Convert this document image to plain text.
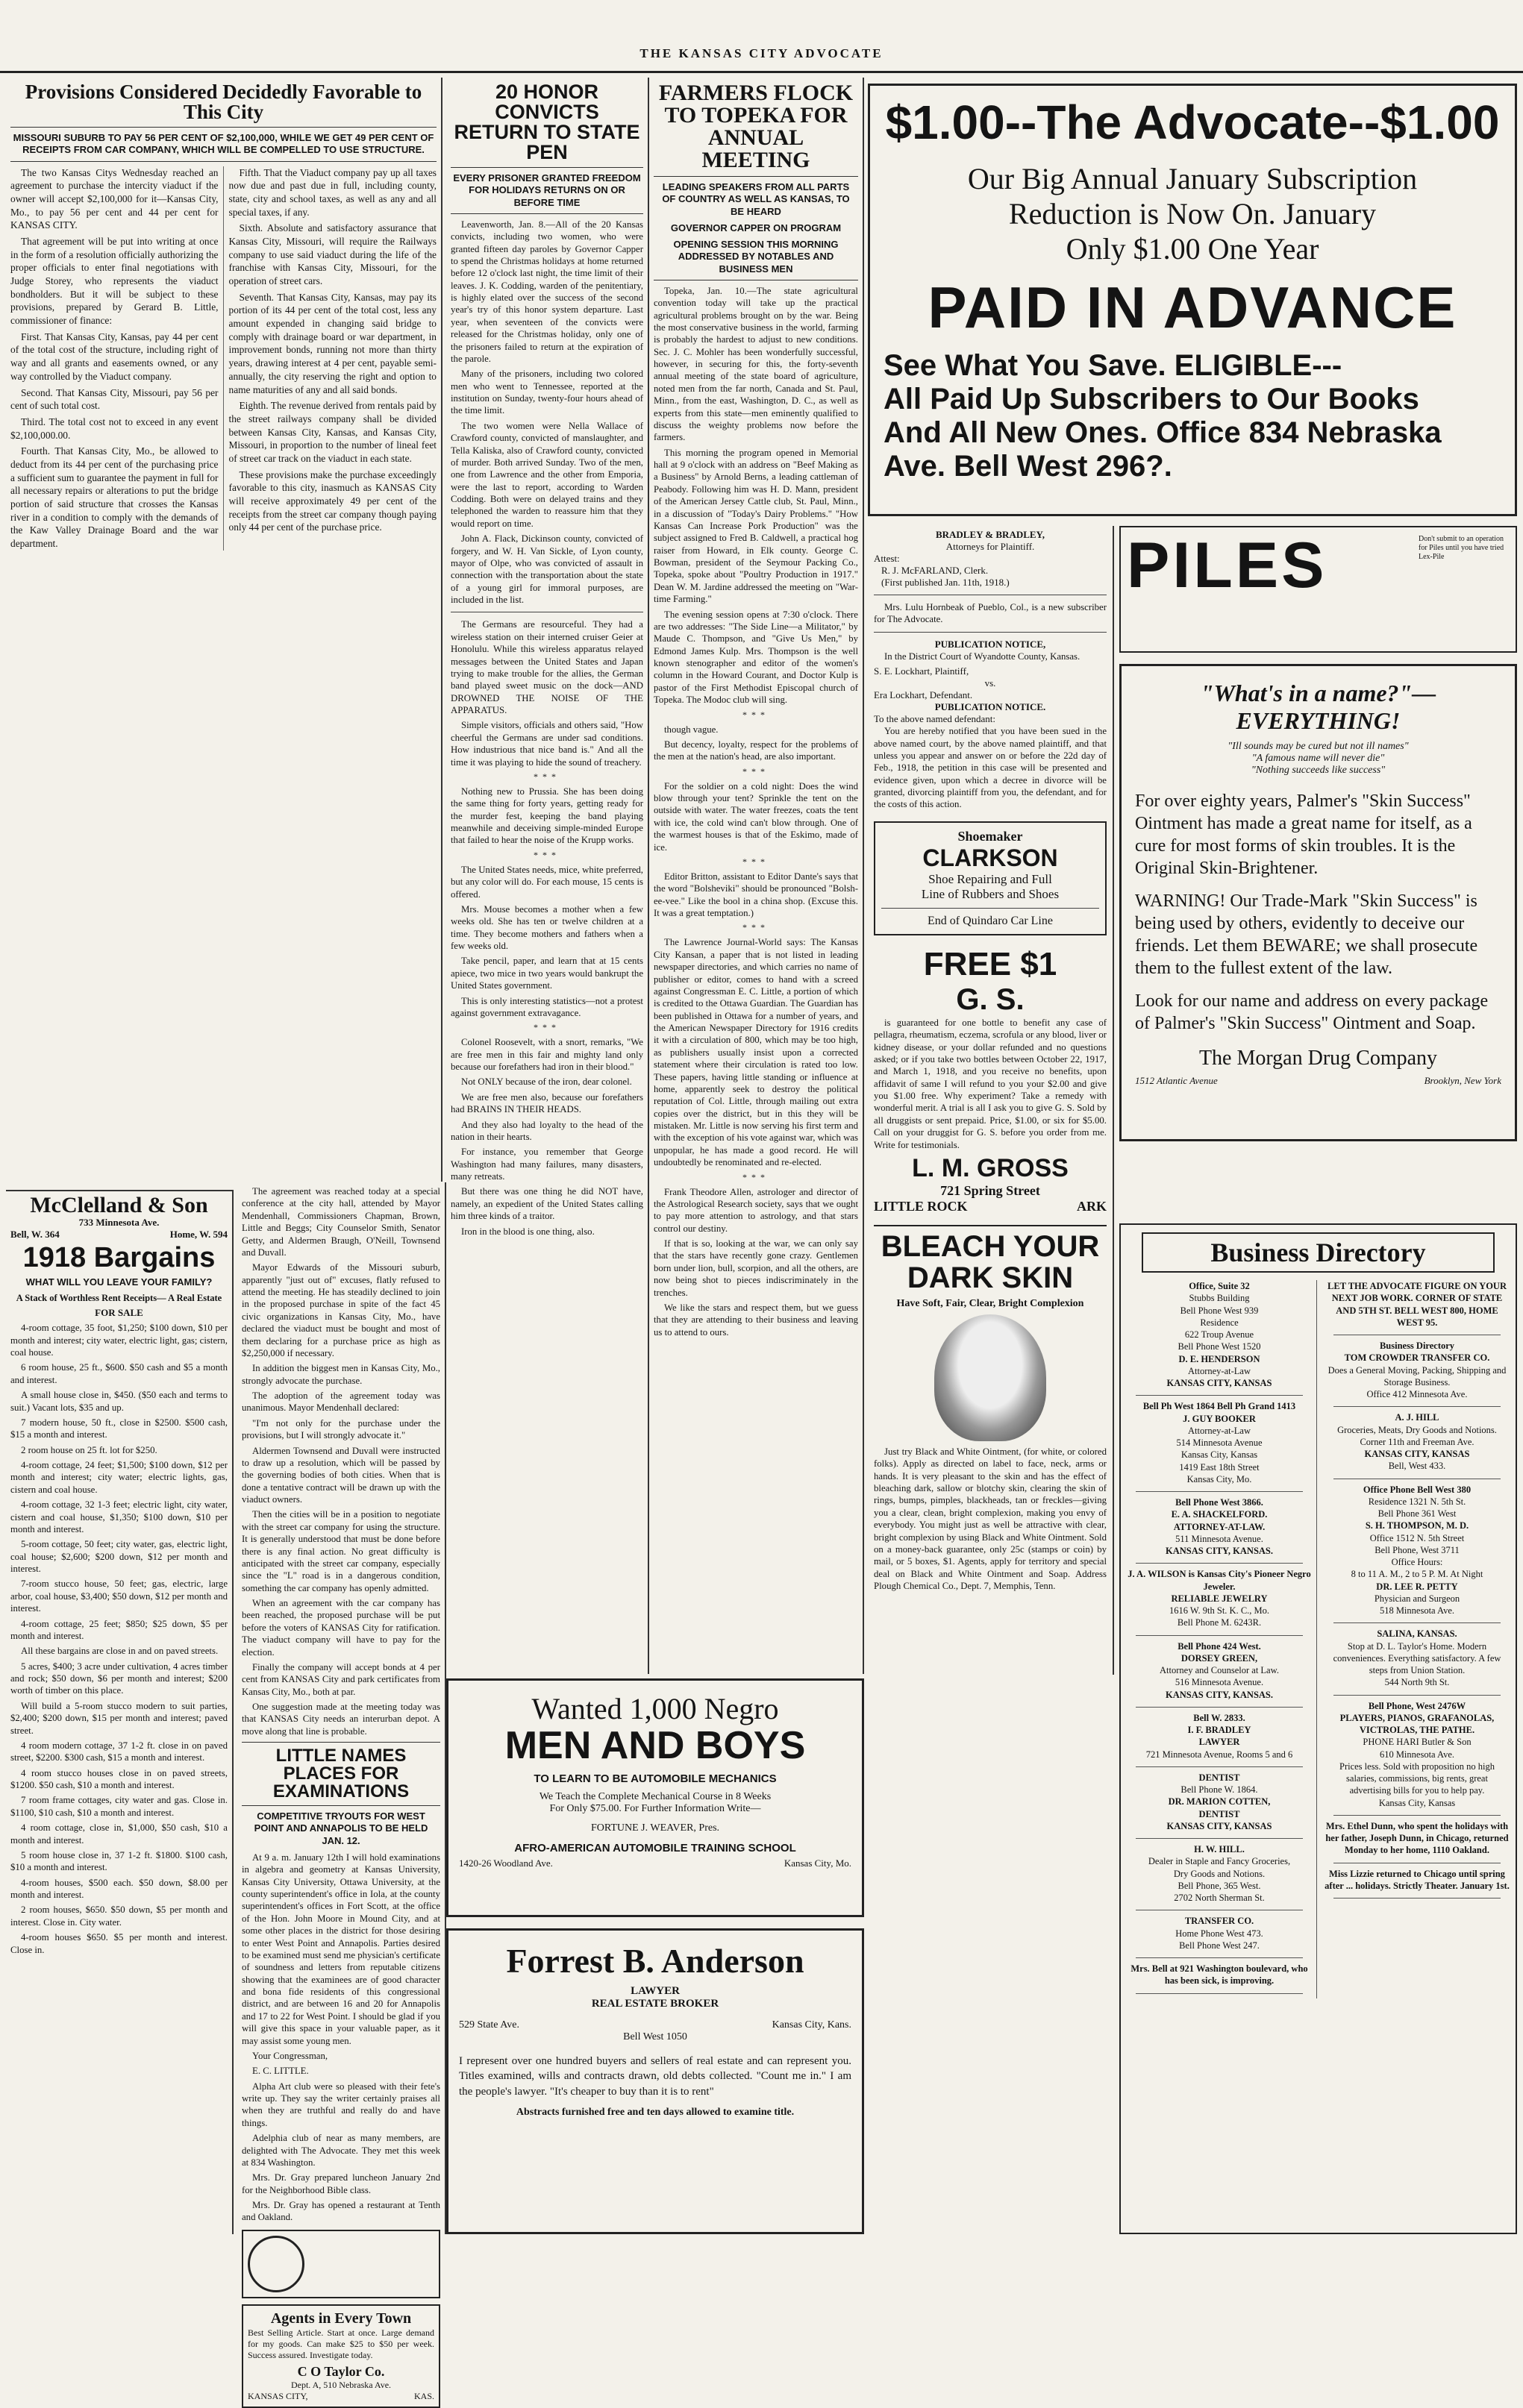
THE KANSAS CITY ADVOCATE
Provisions Considered Decidedly Favorable to This City
MISSOURI SUBURB TO PAY 56 PER CENT OF $2,100,000, WHILE WE GET 49 PER CENT OF RECEIPTS FROM CAR COMPANY, WHICH WILL BE COMPELLED TO USE STRUCTURE.

The two Kansas Citys Wednesday reached an agreement to purchase the intercity viaduct if the owner will accept $2,100,000 for it—Kansas City, Mo., to pay 56 per cent and 44 per cent for KANSAS CITY.

That agreement will be put into writing at once in the form of a resolution officially authorizing the proper officials to enter final negotiations with Judge Storey, who represents the viaduct bondholders. But it will be subject to these provisions, prepared by Gerard B. Little, commissioner of finance:

First. That Kansas City, Kansas, pay 44 per cent of the total cost of the structure, including right of way and all grants and easements owned, or any way controlled by the Viaduct company.

Second. That Kansas City, Missouri, pay 56 per cent of such total cost.

Third. The total cost not to exceed in any event $2,100,000.00.

Fourth. That Kansas City, Mo., be allowed to deduct from its 44 per cent of the purchasing price a sufficient sum to guarantee the payment in full for all necessary repairs or alterations to put the bridge portion of said structure that crosses the Kansas river in a condition to comply with the demands of the Kaw Valley Drainage Board and the war department.

Fifth. That the Viaduct company pay up all taxes now due and past due in full, including county, state, city and school taxes, as well as any and all special taxes, if any.

Sixth. Absolute and satisfactory assurance that Kansas City, Missouri, will require the Railways company to use said viaduct during the life of the franchise with Kansas City, Missouri, for the operation of street cars.

Seventh. That Kansas City, Kansas, may pay its portion of its 44 per cent of the total cost, less any amount expended in changing said bridge to comply with drainage board or war department, in improvement bonds, running not more than thirty years, drawing interest at 4 per cent, payable semi-annually, the city reserving the right and option to name maturities of any and all said bonds.

Eighth. The revenue derived from rentals paid by the street railways company shall be divided between Kansas City, Kansas, and Kansas City, Missouri, in proportion to the number of lineal feet of street car track on the viaduct in each state.

These provisions make the purchase exceedingly favorable to this city, inasmuch as KANSAS City will receive approximately 49 per cent of the receipts from the street car company though paying only 44 per cent of the purchase price.

McClelland & Son
733 Minnesota Ave.
Bell, W. 364	Home, W. 594
1918 Bargains
WHAT WILL YOU LEAVE YOUR FAMILY?
A Stack of Worthless Rent Receipts— A Real Estate
FOR SALE

4-room cottage, 35 foot, $1,250; $100 down, $10 per month and interest; city water, electric light, gas; cistern, coal house.

6 room house, 25 ft., $600. $50 cash and $5 a month and interest.

A small house close in, $450. ($50 each and terms to suit.) Vacant lots, $35 and up.

7 modern house, 50 ft., close in $2500. $500 cash, $15 a month and interest.

2 room house on 25 ft. lot for $250.

4-room cottage, 24 feet; $1,500; $100 down, $12 per month and interest; city water; electric lights, gas, cistern and coal house.

4-room cottage, 32 1-3 feet; electric light, city water, cistern and coal house, $1,350; $100 down, $10 per month and interest.

5-room cottage, 50 feet; city water, gas, electric light, coal house; $2,600; $200 down, $12 per month and interest.

7-room stucco house, 50 feet; gas, electric, large arbor, coal house, $3,400; $50 down, $12 per month and interest.

4-room cottage, 25 feet; $850; $25 down, $5 per month and interest.

All these bargains are close in and on paved streets.

5 acres, $400; 3 acre under cultivation, 4 acres timber and rock; $50 down, $6 per month and interest; $200 worth of timber on this place.

Will build a 5-room stucco modern to suit parties, $2,400; $200 down, $15 per month and interest; paved street.

4 room modern cottage, 37 1-2 ft. close in on paved street, $2200. $300 cash, $15 a month and interest.

4 room stucco houses close in on paved streets, $1200. $50 cash, $10 a month and interest.

7 room frame cottages, city water and gas. Close in. $1100, $10 cash, $10 a month and interest.

4 room cottage, close in, $1,000, $50 cash, $10 a month and interest.

5 room house close in, 37 1-2 ft. $1800. $100 cash, $10 a month and interest.

4-room houses, $500 each. $50 down, $8.00 per month and interest.

2 room houses, $650. $50 down, $5 per month and interest. Close in. City water.

4-room houses $650. $5 per month and interest. Close in.

The agreement was reached today at a special conference at the city hall, attended by Mayor Mendenhall, Commissioners Chapman, Brown, Little and Beggs; City Counselor Smith, Senator Getty, and Aldermen Braugh, O'Neill, Townsend and Duvall.

Mayor Edwards of the Missouri suburb, apparently "just out of" excuses, flatly refused to attend the meeting. He has steadily declined to join in the proposed purchase in spite of the fact 45 civic organizations in Kansas City, Mo., have declared the viaduct must be bought and most of them declaring for a purchase price as high as $2,250,000 if necessary.

In addition the biggest men in Kansas City, Mo., strongly advocate the purchase.

The adoption of the agreement today was unanimous. Mayor Mendenhall declared:

"I'm not only for the purchase under the provisions, but I will strongly advocate it."

Aldermen Townsend and Duvall were instructed to draw up a resolution, which will be passed by the governing bodies of both cities. When that is done a tentative contract will be drawn up with the viaduct owners.

Then the cities will be in a position to negotiate with the street car company for using the structure. It is generally understood that must be done before there is any final action. No great difficulty is anticipated with the street car company, especially since the "L" road is in a dangerous condition, something the car company has openly admitted.

When an agreement with the car company has been reached, the proposed purchase will be put before the voters of KANSAS City for ratification. The viaduct company will have to pay for the election.

Finally the company will accept bonds at 4 per cent from KANSAS City and park certificates from Kansas City, Mo., both at par.

One suggestion made at the meeting today was that KANSAS City needs an interurban depot. A move along that line is probable.

LITTLE NAMES PLACES FOR EXAMINATIONS
COMPETITIVE TRYOUTS FOR WEST POINT AND ANNAPOLIS TO BE HELD JAN. 12.

At 9 a. m. January 12th I will hold examinations in algebra and geometry at Kansas University, Kansas City University, Ottawa University, at the county superintendent's office in Iola, at the county superintendent's offices in Fort Scott, at the office of the Hon. John Moore in Mound City, and at some other places in the district for those desiring to enter West Point and Annapolis. Parties desired to be examined must send me physician's certificate of soundness and letters from reputable citizens showing that the examinees are of good character and bona fide residents of this congressional district, and are between 16 and 20 for Annapolis and 17 to 22 for West Point. I should be glad if you will give this space in your valuable paper, as it may assist some young men.

Your Congressman,

E. C. LITTLE.

Alpha Art club were so pleased with their fete's write up. They say the writer certainly praises all when they are truthful and really do and have things.

Adelphia club of near as many members, are delighted with The Advocate. They met this week at 834 Washington.

Mrs. Dr. Gray prepared luncheon January 2nd for the Neighborhood Bible class.

Mrs. Dr. Gray has opened a restaurant at Tenth and Oakland.

Agents in Every Town
Best Selling Article. Start at once. Large demand for my goods. Can make $25 to $50 per week. Success assured. Investigate today.
C O Taylor Co.
Dept. A, 510 Nebraska Ave.
KANSAS CITY,	KAS.
20 HONOR CONVICTS RETURN TO STATE PEN
EVERY PRISONER GRANTED FREEDOM FOR HOLIDAYS RETURNS ON OR BEFORE TIME

Leavenworth, Jan. 8.—All of the 20 Kansas convicts, including two women, who were granted fifteen day paroles by Governor Capper to spend the Christmas holidays at home returned before 12 o'clock last night, the time limit of their leaves. J. K. Codding, warden of the penitentiary, is highly elated over the success of the second year's try of this honor system departure. Last year, when seventeen of the convicts were released for the Christmas holiday, only one of the prisoners failed to return at the expiration of the parole.

Many of the prisoners, including two colored men who went to Tennessee, reported at the institution on Sunday, twenty-four hours ahead of the time limit.

The two women were Nella Wallace of Crawford county, convicted of manslaughter, and Tella Kaliska, also of Crawford county, convicted of murder. Both arrived Sunday. Two of the men, one from Lawrence and the other from Emporia, were the last to report, according to Warden Codding. Both were on delayed trains and they telephoned the warden to reassure him that they would report on time.

John A. Flack, Dickinson county, convicted of forgery, and W. H. Van Sickle, of Lyon county, mayor of Olpe, who was convicted of assault in connection with the transportation about the state of a young girl for immoral purposes, are included in the list.

The Germans are resourceful. They had a wireless station on their interned cruiser Geier at Honolulu. While this wireless apparatus relayed messages between the United States and Japan trying to make trouble for the allies, the German band played sweet music on the dock—AND DROWNED THE NOISE OF THE APPARATUS.

Simple visitors, officials and others said, "How cheerful the Germans are under sad conditions. How industrious that nice band is." And all the time it was playing to hide the sound of treachery.

***

Nothing new to Prussia. She has been doing the same thing for forty years, getting ready for the murder fest, keeping the band playing meanwhile and deceiving simple-minded Europe that failed to hear the noise of the Krupp works.

***

The United States needs, mice, white preferred, but any color will do. For each mouse, 15 cents is offered.

Mrs. Mouse becomes a mother when a few weeks old. She has ten or twelve children at a time. They become mothers and fathers when a few weeks old.

Take pencil, paper, and learn that at 15 cents apiece, two mice in two years would bankrupt the United States government.

This is only interesting statistics—not a protest against government extravagance.

***

Colonel Roosevelt, with a snort, remarks, "We are free men in this fair and mighty land only because our forefathers had iron in their blood."

Not ONLY because of the iron, dear colonel.

We are free men also, because our forefathers had BRAINS IN THEIR HEADS.

And they also had loyalty to the head of the nation in their hearts.

For instance, you remember that George Washington had many failures, many disasters, many retreats.

But there was one thing he did NOT have, namely, an expedient of the United States calling him three kinds of a traitor.

Iron in the blood is one thing, also.

FARMERS FLOCK TO TOPEKA FOR ANNUAL MEETING
LEADING SPEAKERS FROM ALL PARTS OF COUNTRY AS WELL AS KANSAS, TO BE HEARD
GOVERNOR CAPPER ON PROGRAM
OPENING SESSION THIS MORNING ADDRESSED BY NOTABLES AND BUSINESS MEN

Topeka, Jan. 10.—The state agricultural convention today will take up the practical agricultural problems brought on by the war. Being the most conservative business in the world, farming is probably the hardest to adjust to new conditions. Sec. J. C. Mohler has been wonderfully successful, however, in securing for this, the forty-seventh annual meeting of the state board of agriculture, noted men from the far north, Canada and St. Paul, Minn., from the east, Washington, D. C., as well as experts from this state—men eminently qualified to discuss the weighty problems now before the farmers.

This morning the program opened in Memorial hall at 9 o'clock with an address on "Beef Making as a Business" by Arnold Berns, a leading cattleman of Peabody. Following him was H. D. Mann, president of the American Jersey Cattle club, St. Paul, Minn., in a discussion of "Today's Dairy Problems." "How Kansas Can Increase Pork Production" was the subject assigned to Fred B. Caldwell, a practical hog raiser from Howard, in Elk county. George C. Bowman, president of the Seymour Packing Co., Topeka, spoke about "Poultry Production in 1917." Dean W. M. Jardine addressed the meeting on "War-time Farming."

The evening session opens at 7:30 o'clock. There are two addresses: "The Side Line—a Militator," by Maude C. Thompson, and "Give Us Men," by Edmond James Kulp. Mrs. Thompson is the well known stenographer and editor of the women's column in the Howard Courant, and Doctor Kulp is pastor of the First Methodist Episcopal church of Topeka. The Modoc club will sing.

***

though vague.

But decency, loyalty, respect for the problems of the men at the nation's head, are also important.

***

For the soldier on a cold night: Does the wind blow through your tent? Sprinkle the tent on the outside with water. The water freezes, coats the tent with ice, the cold wind can't blow through. One of the warmest houses is that of the Eskimo, made of ice.

***

Editor Britton, assistant to Editor Dante's says that the word "Bolsheviki" should be pronounced "Bolsh-ee-vee." Like the bool in a china shop. (Excuse this. It was a great temptation.)

***

The Lawrence Journal-World says: The Kansas City Kansan, a paper that is not listed in leading newspaper directories, and which carries no name of publisher or editor, comes to hand with a screed against Congressman E. C. Little, a portion of which is credited to the Ottawa Guardian. The Guardian has been published in Ottawa for a number of years, and the American Newspaper Directory for 1916 credits it with a circulation of 800, which may be too high, as publishers usually insist upon a corrected statement where their circulation is rated too low. These papers, having little standing or influence at home, apparently seek to destroy the political reputation of Col. Little, through mailing out extra copies over the district, but in this they will be mistaken. Mr. Little is now serving his first term and with the exception of his vote against war, which was unpopular, he has made a good record. He will undoubtedly be renominated and re-elected.

***

Frank Theodore Allen, astrologer and director of the Astrological Research society, says that we ought to pay more attention to astrology, and that stars control our destiny.

If that is so, looking at the war, we can only say that the stars have recently gone crazy. Gentlemen born under lion, bull, scorpion, and all the others, are now being shot to pieces indiscriminately in the trenches.

We like the stars and respect them, but we guess that they are attending to their business and leaving us to attend to ours.

$1.00--The Advocate--$1.00
Our Big Annual January Subscription
Reduction is Now On. January
Only $1.00 One Year
PAID IN ADVANCE
See What You Save. ELIGIBLE---
All Paid Up Subscribers to Our Books
And All New Ones. Office 834 Nebraska Ave. Bell West 296?.
BRADLEY & BRADLEY,
Attorneys for Plaintiff.
Attest:
R. J. McFARLAND, Clerk.
(First published Jan. 11th, 1918.)

Mrs. Lulu Hornbeak of Pueblo, Col., is a new subscriber for The Advocate.

PUBLICATION NOTICE,

In the District Court of Wyandotte County, Kansas.

S. E. Lockhart, Plaintiff,
vs.
Era Lockhart, Defendant.
PUBLICATION NOTICE.
To the above named defendant:

You are hereby notified that you have been sued in the above named court, by the above named plaintiff, and that unless you appear and answer on or before the 22d day of Feb., 1918, the petition in this case will be presented and evidence given, upon which a decree in divorce will be granted, divorcing plaintiff from you, the defendant, and for the costs of this action.

Shoemaker
CLARKSON
Shoe Repairing and Full
Line of Rubbers and Shoes
End of Quindaro Car Line
FREE $1
G. S.

is guaranteed for one bottle to benefit any case of pellagra, rheumatism, eczema, scrofula or any blood, liver or kidney disease, or your dollar refunded and no questions asked; or if you take two bottles between October 22, 1917, and March 1, 1918, and you receive no benefits, upon affidavit of same I will refund to you your $2.00 and give you $1.00 free. Why experiment? Take a remedy with wonderful merit. A trial is all I ask you to give G. S. Sold by all druggists or sent prepaid. Price, $1.00, or six for $5.00. Call on your druggist for G. S. before you order from me. Write for testimonials.

L. M. GROSS
721 Spring Street
LITTLE ROCK	ARK
BLEACH YOUR DARK SKIN
Have Soft, Fair, Clear, Bright Complexion

Just try Black and White Ointment, (for white, or colored folks). Apply as directed on label to face, neck, arms or hands. It is very pleasant to the skin and has the effect of bleaching dark, sallow or blotchy skin, clearing the skin of rings, bumps, pimples, blackheads, tan or freckles—giving you a clear, clean, bright complexion, making you envy of everybody. You might just as well be attractive with clear, bright complexion by using Black and White Ointment. Sold on a money-back guarantee, only 25c (stamps or coin) by mail, or 5 boxes, $1. Agents, apply for territory and special deal on Black and White Ointment and Soap. Address Plough Chemical Co., Dept. 7, Memphis, Tenn.

PILES	Don't submit to an operation for Piles until you have tried Lex-Pile
"What's in a name?"—EVERYTHING!
"Ill sounds may be cured but not ill names"
"A famous name will never die"
"Nothing succeeds like success"
For over eighty years, Palmer's "Skin Success" Ointment has made a great name for itself, as a cure for most forms of skin troubles. It is the Original Skin-Brightener.
WARNING! Our Trade-Mark "Skin Success" is being used by others, evidently to deceive our friends. Let them BEWARE; we shall prosecute them to the fullest extent of the law.
Look for our name and address on every package of Palmer's "Skin Success" Ointment and Soap.
The Morgan Drug Company
1512 Atlantic Avenue	Brooklyn, New York
Business Directory
Office, Suite 32
Stubbs Building
Bell Phone West 939
Residence
622 Troup Avenue
Bell Phone West 1520
D. E. HENDERSON
Attorney-at-Law
KANSAS CITY, KANSAS
Bell Ph West 1864 Bell Ph Grand 1413
J. GUY BOOKER
Attorney-at-Law
514 Minnesota Avenue
Kansas City, Kansas
1419 East 18th Street
Kansas City, Mo.
Bell Phone West 3866.
E. A. SHACKELFORD.
ATTORNEY-AT-LAW.
511 Minnesota Avenue.
KANSAS CITY, KANSAS.
J. A. WILSON is Kansas City's Pioneer Negro Jeweler.
RELIABLE JEWELRY
1616 W. 9th St. K. C., Mo.
Bell Phone M. 6243R.
Bell Phone 424 West.
DORSEY GREEN,
Attorney and Counselor at Law.
516 Minnesota Avenue.
KANSAS CITY, KANSAS.
Bell W. 2833.
I. F. BRADLEY
LAWYER
721 Minnesota Avenue, Rooms 5 and 6
DENTIST
Bell Phone W. 1864.
DR. MARION COTTEN,
DENTIST
KANSAS CITY, KANSAS
H. W. HILL.
Dealer in Staple and Fancy Groceries,
Dry Goods and Notions.
Bell Phone, 365 West.
2702 North Sherman St.
TRANSFER CO.
Home Phone West 473.
Bell Phone West 247.
Mrs. Bell at 921 Washington boulevard, who has been sick, is improving.
LET THE ADVOCATE FIGURE ON YOUR NEXT JOB WORK. CORNER OF STATE AND 5TH ST. BELL WEST 800, HOME WEST 95.
Business Directory
TOM CROWDER TRANSFER CO.
Does a General Moving, Packing, Shipping and Storage Business.
Office 412 Minnesota Ave.
A. J. HILL
Groceries, Meats, Dry Goods and Notions.
Corner 11th and Freeman Ave.
KANSAS CITY, KANSAS
Bell, West 433.
Office Phone Bell West 380
Residence 1321 N. 5th St.
Bell Phone 361 West
S. H. THOMPSON, M. D.
Office 1512 N. 5th Street
Bell Phone, West 3711
Office Hours:
8 to 11 A. M., 2 to 5 P. M. At Night
DR. LEE R. PETTY
Physician and Surgeon
518 Minnesota Ave.
SALINA, KANSAS.
Stop at D. L. Taylor's Home. Modern conveniences. Everything satisfactory. A few steps from Union Station.
544 North 9th St.
Bell Phone, West 2476W
PLAYERS, PIANOS, GRAFANOLAS, VICTROLAS, THE PATHE.
PHONE HARI Butler & Son
610 Minnesota Ave.
Prices less. Sold with proposition no high salaries, commissions, big rents, great advertising bills for you to help pay.
Kansas City, Kansas
Mrs. Ethel Dunn, who spent the holidays with her father, Joseph Dunn, in Chicago, returned Monday to her home, 1110 Oakland.
Miss Lizzie returned to Chicago until spring after ... holidays. Strictly Theater. January 1st.
Wanted 1,000 Negro
MEN AND BOYS
TO LEARN TO BE AUTOMOBILE MECHANICS
We Teach the Complete Mechanical Course in 8 Weeks
For Only $75.00. For Further Information Write—
FORTUNE J. WEAVER, Pres.
AFRO-AMERICAN AUTOMOBILE TRAINING SCHOOL
1420-26 Woodland Ave.	Kansas City, Mo.
Forrest B. Anderson
LAWYER
REAL ESTATE BROKER
529 State Ave.	Kansas City, Kans.
Bell West 1050
I represent over one hundred buyers and sellers of real estate and can represent you. Titles examined, wills and contracts drawn, old debts collected. "Count me in." I am the people's lawyer. "It's cheaper to buy than it is to rent"
Abstracts furnished free and ten days allowed to examine title.
